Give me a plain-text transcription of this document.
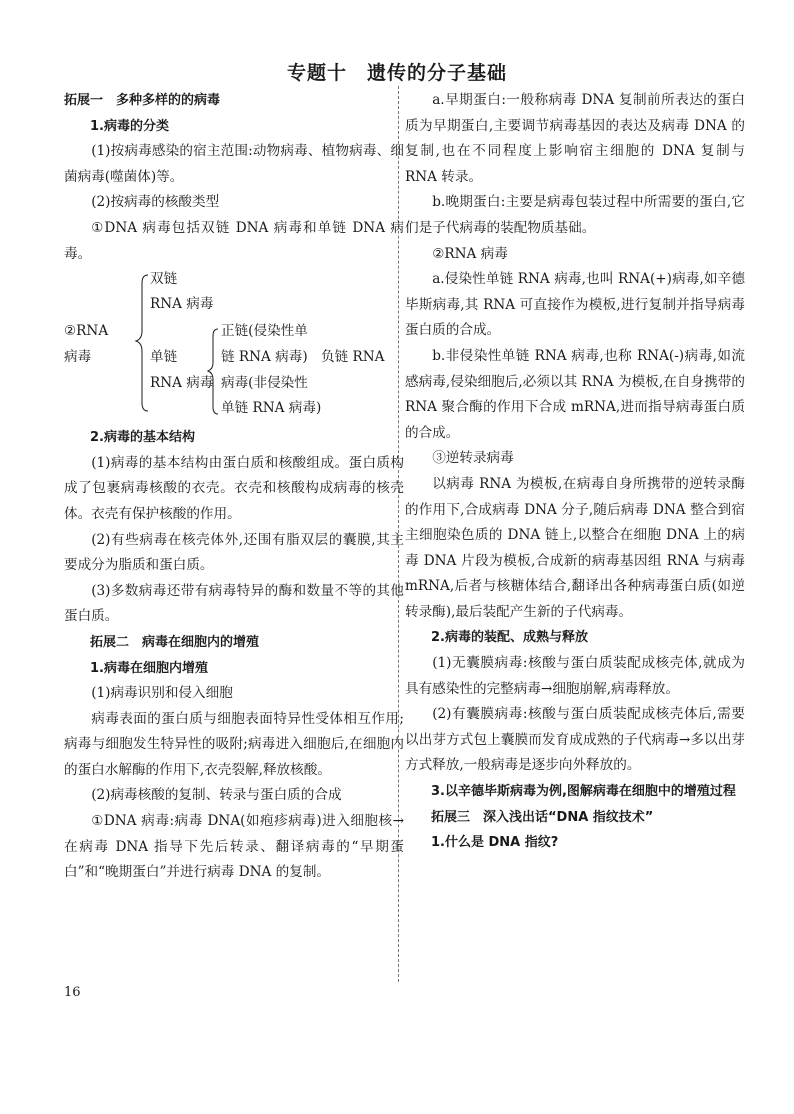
专题十　遗传的分子基础

拓展一　多种多样的的病毒

1.病毒的分类

(1)按病毒感染的宿主范围:动物病毒、植物病毒、细菌病毒(噬菌体)等。

(2)按病毒的核酸类型

①DNA 病毒包括双链 DNA 病毒和单链 DNA 病毒。

②RNA
病毒
双链
RNA 病毒
单链
RNA 病毒
正链(侵染性单
链 RNA 病毒) 负链 RNA
病毒(非侵染性
单链 RNA 病毒)

2.病毒的基本结构

(1)病毒的基本结构由蛋白质和核酸组成。蛋白质构成了包裹病毒核酸的衣壳。衣壳和核酸构成病毒的核壳体。衣壳有保护核酸的作用。

(2)有些病毒在核壳体外,还围有脂双层的囊膜,其主要成分为脂质和蛋白质。

(3)多数病毒还带有病毒特异的酶和数量不等的其他蛋白质。

拓展二　病毒在细胞内的增殖

1.病毒在细胞内增殖

(1)病毒识别和侵入细胞

病毒表面的蛋白质与细胞表面特异性受体相互作用;病毒与细胞发生特异性的吸附;病毒进入细胞后,在细胞内的蛋白水解酶的作用下,衣壳裂解,释放核酸。

(2)病毒核酸的复制、转录与蛋白质的合成

①DNA 病毒:病毒 DNA(如疱疹病毒)进入细胞核→在病毒 DNA 指导下先后转录、翻译病毒的“早期蛋白”和“晚期蛋白”并进行病毒 DNA 的复制。

a.早期蛋白:一般称病毒 DNA 复制前所表达的蛋白质为早期蛋白,主要调节病毒基因的表达及病毒 DNA 的复制,也在不同程度上影响宿主细胞的 DNA 复制与 RNA 转录。

b.晚期蛋白:主要是病毒包装过程中所需要的蛋白,它们是子代病毒的装配物质基础。

②RNA 病毒

a.侵染性单链 RNA 病毒,也叫 RNA(+)病毒,如辛德毕斯病毒,其 RNA 可直接作为模板,进行复制并指导病毒蛋白质的合成。

b.非侵染性单链 RNA 病毒,也称 RNA(-)病毒,如流感病毒,侵染细胞后,必须以其 RNA 为模板,在自身携带的 RNA 聚合酶的作用下合成 mRNA,进而指导病毒蛋白质的合成。

③逆转录病毒

以病毒 RNA 为模板,在病毒自身所携带的逆转录酶的作用下,合成病毒 DNA 分子,随后病毒 DNA 整合到宿主细胞染色质的 DNA 链上,以整合在细胞 DNA 上的病毒 DNA 片段为模板,合成新的病毒基因组 RNA 与病毒 mRNA,后者与核糖体结合,翻译出各种病毒蛋白质(如逆转录酶),最后装配产生新的子代病毒。

2.病毒的装配、成熟与释放

(1)无囊膜病毒:核酸与蛋白质装配成核壳体,就成为具有感染性的完整病毒→细胞崩解,病毒释放。

(2)有囊膜病毒:核酸与蛋白质装配成核壳体后,需要以出芽方式包上囊膜而发育成成熟的子代病毒→多以出芽方式释放,一般病毒是逐步向外释放的。

3.以辛德毕斯病毒为例,图解病毒在细胞中的增殖过程

拓展三　深入浅出话“DNA 指纹技术”

1.什么是 DNA 指纹?

16
